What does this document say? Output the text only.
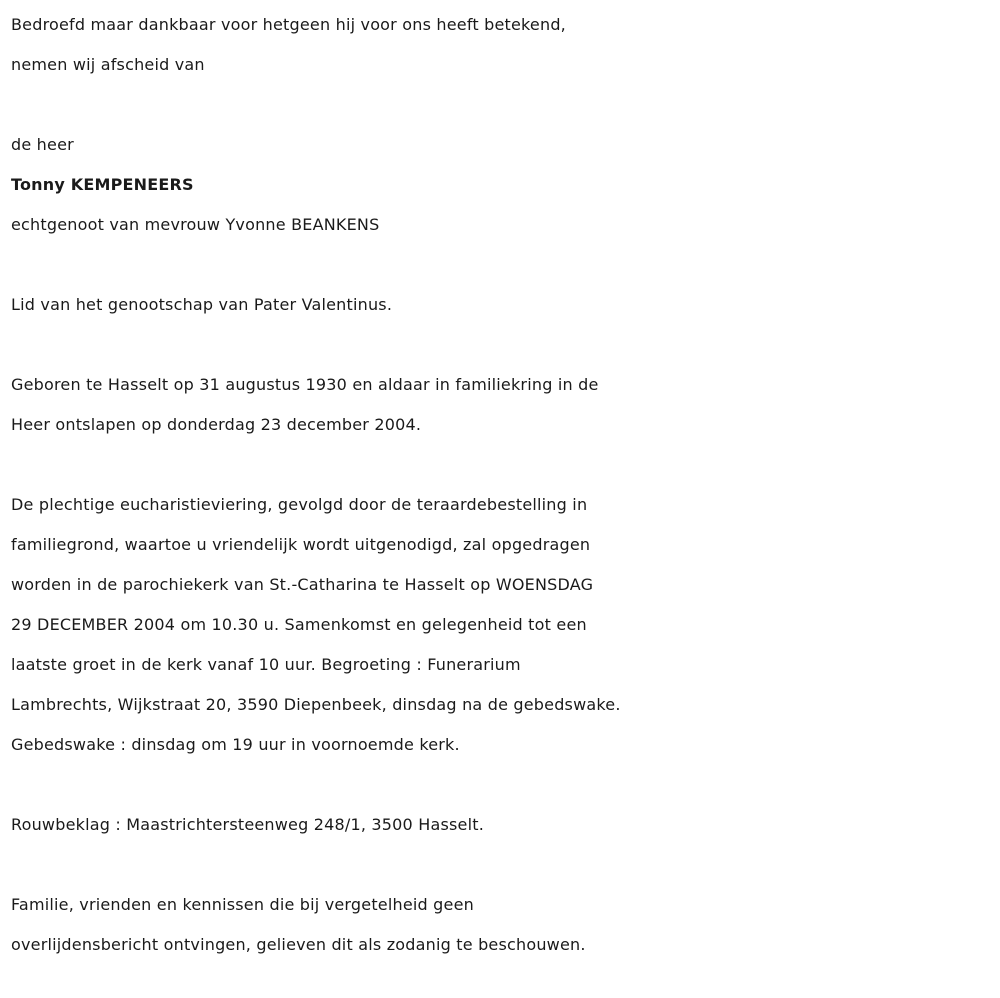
Bedroefd maar dankbaar voor hetgeen hij voor ons heeft betekend,
nemen wij afscheid van
de heer
Tonny KEMPENEERS
echtgenoot van mevrouw Yvonne BEANKENS
Lid van het genootschap van Pater Valentinus.
Geboren te Hasselt op 31 augustus 1930 en aldaar in familiekring in de
Heer ontslapen op donderdag 23 december 2004.
De plechtige eucharistieviering, gevolgd door de teraardebestelling in
familiegrond, waartoe u vriendelijk wordt uitgenodigd, zal opgedragen
worden in de parochiekerk van St.-Catharina te Hasselt op WOENSDAG
29 DECEMBER 2004 om 10.30 u. Samenkomst en gelegenheid tot een
laatste groet in de kerk vanaf 10 uur. Begroeting : Funerarium
Lambrechts, Wijkstraat 20, 3590 Diepenbeek, dinsdag na de gebedswake.
Gebedswake : dinsdag om 19 uur in voornoemde kerk.
Rouwbeklag : Maastrichtersteenweg 248/1, 3500 Hasselt.
Familie, vrienden en kennissen die bij vergetelheid geen
overlijdensbericht ontvingen, gelieven dit als zodanig te beschouwen.
